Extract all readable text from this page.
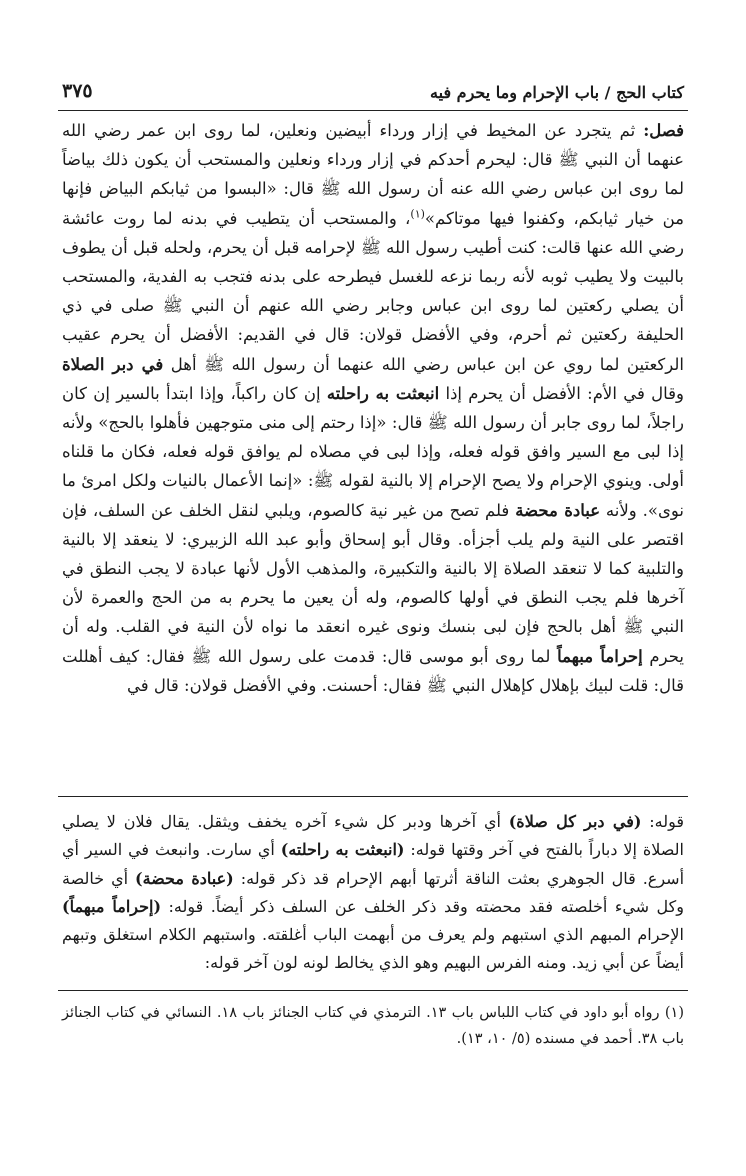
كتاب الحج / باب الإحرام وما يحرم فيه
٣٧٥

فصل: ثم يتجرد عن المخيط في إزار ورداء أبيضين ونعلين، لما روى ابن عمر رضي الله عنهما أن النبي ﷺ قال: ليحرم أحدكم في إزار ورداء ونعلين والمستحب أن يكون ذلك بياضاً لما روى ابن عباس رضي الله عنه أن رسول الله ﷺ قال: «البسوا من ثيابكم البياض فإنها من خيار ثيابكم، وكفنوا فيها موتاكم»$^{(١)}$، والمستحب أن يتطيب في بدنه لما روت عائشة رضي الله عنها قالت: كنت أطيب رسول الله ﷺ لإحرامه قبل أن يحرم، ولحله قبل أن يطوف بالبيت ولا يطيب ثوبه لأنه ربما نزعه للغسل فيطرحه على بدنه فتجب به الفدية، والمستحب أن يصلي ركعتين لما روى ابن عباس وجابر رضي الله عنهم أن النبي ﷺ صلى في ذي الحليفة ركعتين ثم أحرم، وفي الأفضل قولان: قال في القديم: الأفضل أن يحرم عقيب الركعتين لما روي عن ابن عباس رضي الله عنهما أن رسول الله ﷺ أهل في دبر الصلاة وقال في الأم: الأفضل أن يحرم إذا انبعثت به راحلته إن كان راكباً، وإذا ابتدأ بالسير إن كان راجلاً، لما روى جابر أن رسول الله ﷺ قال: «إذا رحتم إلى منى متوجهين فأهلوا بالحج» ولأنه إذا لبى مع السير وافق قوله فعله، وإذا لبى في مصلاه لم يوافق قوله فعله، فكان ما قلناه أولى. وينوي الإحرام ولا يصح الإحرام إلا بالنية لقوله ﷺ: «إنما الأعمال بالنيات ولكل امرئ ما نوى». ولأنه عبادة محضة فلم تصح من غير نية كالصوم، ويلبي لنقل الخلف عن السلف، فإن اقتصر على النية ولم يلب أجزأه. وقال أبو إسحاق وأبو عبد الله الزبيري: لا ينعقد إلا بالنية والتلبية كما لا تنعقد الصلاة إلا بالنية والتكبيرة، والمذهب الأول لأنها عبادة لا يجب النطق في آخرها فلم يجب النطق في أولها كالصوم، وله أن يعين ما يحرم به من الحج والعمرة لأن النبي ﷺ أهل بالحج فإن لبى بنسك ونوى غيره انعقد ما نواه لأن النية في القلب. وله أن يحرم إحراماً مبهماً لما روى أبو موسى قال: قدمت على رسول الله ﷺ فقال: كيف أهللت قال: قلت لبيك بإهلال كإهلال النبي ﷺ فقال: أحسنت. وفي الأفضل قولان: قال في

قوله: (في دبر كل صلاة) أي آخرها ودبر كل شيء آخره يخفف ويثقل. يقال فلان لا يصلي الصلاة إلا دباراً بالفتح في آخر وقتها قوله: (انبعثت به راحلته) أي سارت. وانبعث في السير أي أسرع. قال الجوهري بعثت الناقة أثرتها أبهم الإحرام قد ذكر قوله: (عبادة محضة) أي خالصة وكل شيء أخلصته فقد محضته وقد ذكر الخلف عن السلف ذكر أيضاً. قوله: (إحراماً مبهماً) الإحرام المبهم الذي استبهم ولم يعرف من أبهمت الباب أغلقته. واستبهم الكلام استغلق وتبهم أيضاً عن أبي زيد. ومنه الفرس البهيم وهو الذي يخالط لونه لون آخر قوله:

(١) رواه أبو داود في كتاب اللباس باب ١٣. الترمذي في كتاب الجنائز باب ١٨. النسائي في كتاب الجنائز باب ٣٨. أحمد في مسنده (٥/ ١٠، ١٣).
